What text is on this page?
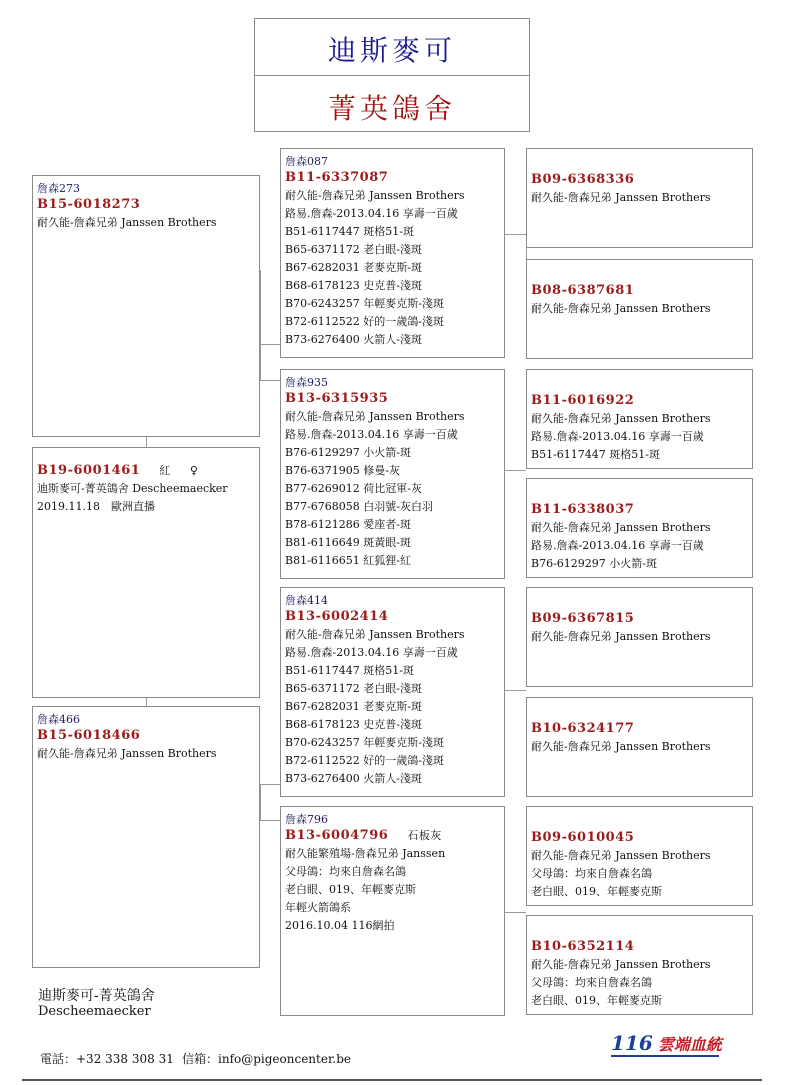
迪斯麥可
菁英鴿舍
詹森273
B15-6018273
耐久能-詹森兄弟 Janssen Brothers
B19-6001461 紅 ♀
迪斯麥可-菁英鴿舍 Descheemaecker
2019.11.18　歐洲直播
詹森466
B15-6018466
耐久能-詹森兄弟 Janssen Brothers
詹森087
B11-6337087
耐久能-詹森兄弟 Janssen Brothers
路易.詹森-2013.04.16 享壽一百歲
B51-6117447 斑格51-斑
B65-6371172 老白眼-淺斑
B67-6282031 老麥克斯-斑
B68-6178123 史克普-淺斑
B70-6243257 年輕麥克斯-淺斑
B72-6112522 好的一歲鴿-淺斑
B73-6276400 火箭人-淺斑
詹森935
B13-6315935
耐久能-詹森兄弟 Janssen Brothers
路易.詹森-2013.04.16 享壽一百歲
B76-6129297 小火箭-斑
B76-6371905 修曼-灰
B77-6269012 荷比冠軍-灰
B77-6768058 白羽號-灰白羽
B78-6121286 愛座者-斑
B81-6116649 斑黃眼-斑
B81-6116651 紅狐狸-紅
詹森414
B13-6002414
耐久能-詹森兄弟 Janssen Brothers
路易.詹森-2013.04.16 享壽一百歲
B51-6117447 斑格51-斑
B65-6371172 老白眼-淺斑
B67-6282031 老麥克斯-斑
B68-6178123 史克普-淺斑
B70-6243257 年輕麥克斯-淺斑
B72-6112522 好的一歲鴿-淺斑
B73-6276400 火箭人-淺斑
詹森796
B13-6004796 石板灰
耐久能繁殖場-詹森兄弟 Janssen
父母鴿：均來自詹森名鴿
老白眼、019、年輕麥克斯
年輕火箭鴿系
2016.10.04 116網拍
B09-6368336
耐久能-詹森兄弟 Janssen Brothers
B08-6387681
耐久能-詹森兄弟 Janssen Brothers
B11-6016922
耐久能-詹森兄弟 Janssen Brothers
路易.詹森-2013.04.16 享壽一百歲
B51-6117447 斑格51-斑
B11-6338037
耐久能-詹森兄弟 Janssen Brothers
路易.詹森-2013.04.16 享壽一百歲
B76-6129297 小火箭-斑
B09-6367815
耐久能-詹森兄弟 Janssen Brothers
B10-6324177
耐久能-詹森兄弟 Janssen Brothers
B09-6010045
耐久能-詹森兄弟 Janssen Brothers
父母鴿：均來自詹森名鴿
老白眼、019、年輕麥克斯
B10-6352114
耐久能-詹森兄弟 Janssen Brothers
父母鴿：均來自詹森名鴿
老白眼、019、年輕麥克斯
迪斯麥可-菁英鴿舍
Descheemaecker
電話：+32 338 308 31 信箱：info@pigeoncenter.be
116 雲端血統
